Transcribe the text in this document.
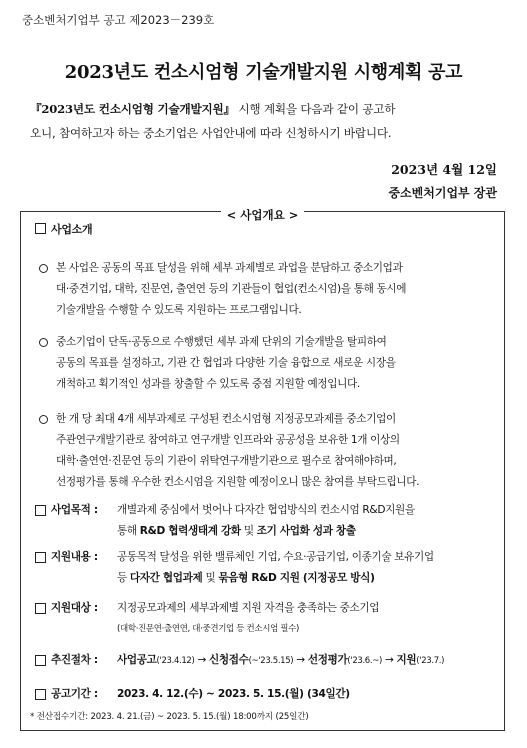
중소벤처기업부 공고 제2023－239호
2023년도 컨소시엄형 기술개발지원 시행계획 공고
『2023년도 컨소시엄형 기술개발지원』 시행 계획을 다음과 같이 공고하
오니, 참여하고자 하는 중소기업은 사업안내에 따라 신청하시기 바랍니다.
2023년 4월 12일
중소벤처기업부 장관
< 사업개요 >
사업소개
본 사업은 공동의 목표 달성을 위해 세부 과제별로 과업을 분담하고 중소기업과
대·중견기업, 대학, 진문연, 출연연 등의 기관들이 협업(컨소시엄)을 통해 동시에
기술개발을 수행할 수 있도록 지원하는 프로그램입니다.
중소기업이 단독·공동으로 수행했던 세부 과제 단위의 기술개발을 탈피하여
공동의 목표를 설정하고, 기관 간 협업과 다양한 기술 융합으로 새로운 시장을
개척하고 획기적인 성과를 창출할 수 있도록 중점 지원할 예정입니다.
한 개 당 최대 4개 세부과제로 구성된 컨소시엄형 지정공모과제를 중소기업이
주관연구개발기관로 참여하고 연구개발 인프라와 공공성을 보유한 1개 이상의
대학·출연연·진문연 등의 기관이 위탁연구개발기관으로 필수로 참여해야하며,
선정평가를 통해 우수한 컨소시엄을 지원할 예정이오니 많은 참여를 부탁드립니다.
사업목적 : 개별과제 중심에서 벗어나 다자간 협업방식의 컨소시엄 R&D지원을
통해 R&D 협력생태계 강화 및 조기 사업화 성과 창출
지원내용 : 공동목적 달성을 위한 밸류체인 기업, 수요·공급기업, 이종기술 보유기업
등 다자간 협업과제 및 묶음형 R&D 지원 (지정공모 방식)
지원대상 : 지정공모과제의 세부과제별 지원 자격을 충족하는 중소기업
(대학·진문연·출연연, 대·중견기업 등 컨소시엄 필수)
추진절차 : 사업공고('23.4.12) → 신청접수(~'23.5.15) → 선정평가('23.6.~) → 지원('23.7.)
공고기간 : 2023. 4. 12.(수) ~ 2023. 5. 15.(월) (34일간)
* 전산접수기간: 2023. 4. 21.(금) ~ 2023. 5. 15.(월) 18:00까지 (25일간)
